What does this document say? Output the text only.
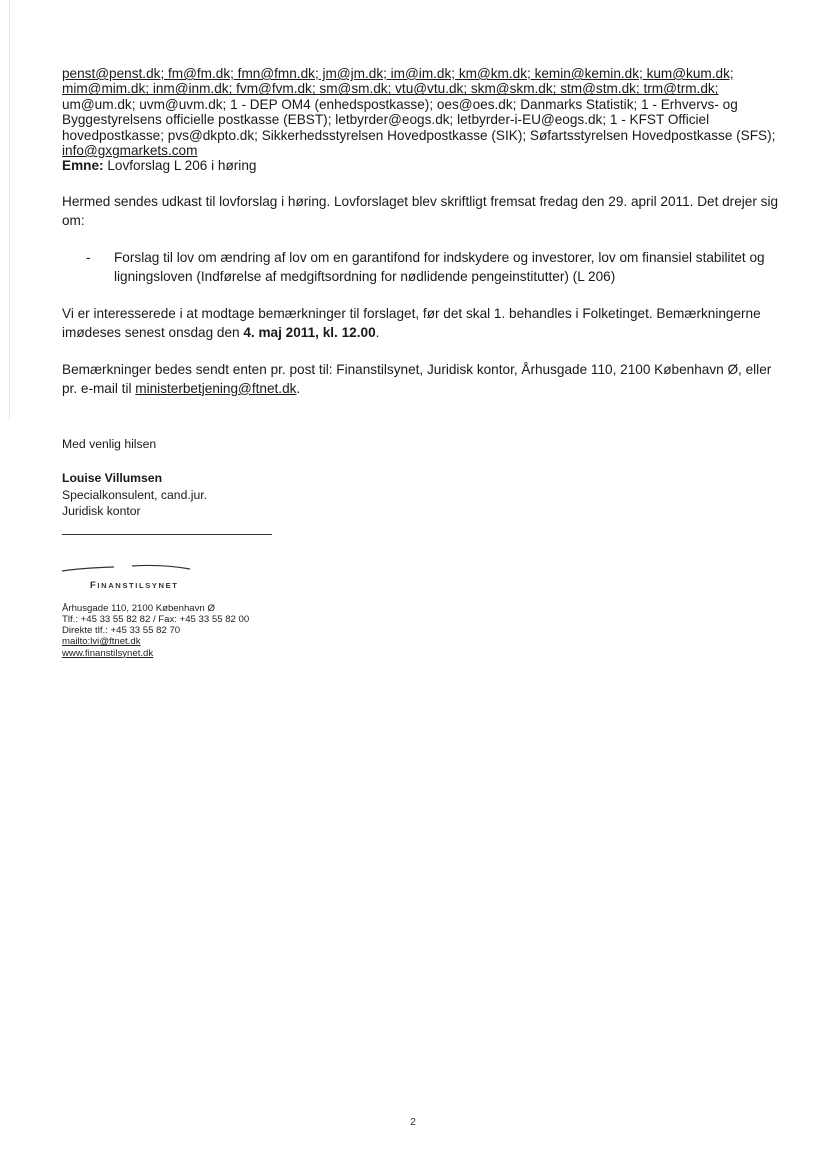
penst@penst.dk; fm@fm.dk; fmn@fmn.dk; jm@jm.dk; im@im.dk; km@km.dk; kemin@kemin.dk; kum@kum.dk;
mim@mim.dk; inm@inm.dk; fvm@fvm.dk; sm@sm.dk; vtu@vtu.dk; skm@skm.dk; stm@stm.dk; trm@trm.dk;
um@um.dk; uvm@uvm.dk; 1 - DEP OM4 (enhedspostkasse); oes@oes.dk; Danmarks Statistik; 1 - Erhvervs- og
Byggestyrelsens officielle postkasse (EBST); letbyrder@eogs.dk; letbyrder-i-EU@eogs.dk; 1 - KFST Officiel
hovedpostkasse; pvs@dkpto.dk; Sikkerhedsstyrelsen Hovedpostkasse (SIK); Søfartsstyrelsen Hovedpostkasse (SFS);
info@gxgmarkets.com
Emne: Lovforslag L 206 i høring
Hermed sendes udkast til lovforslag i høring. Lovforslaget blev skriftligt fremsat fredag den 29. april 2011. Det drejer sig om:
-	Forslag til lov om ændring af lov om en garantifond for indskydere og investorer, lov om finansiel stabilitet og ligningsloven (Indførelse af medgiftsordning for nødlidende pengeinstitutter) (L 206)
Vi er interesserede i at modtage bemærkninger til forslaget, før det skal 1. behandles i Folketinget. Bemærkningerne imødeses senest onsdag den 4. maj 2011, kl. 12.00.
Bemærkninger bedes sendt enten pr. post til: Finanstilsynet, Juridisk kontor, Århusgade 110, 2100 København Ø, eller pr. e-mail til ministerbetjening@ftnet.dk.
Med venlig hilsen
Louise Villumsen
Specialkonsulent, cand.jur.
Juridisk kontor
FINANSTILSYNET
Århusgade 110, 2100 København Ø
Tlf.: +45 33 55 82 82 / Fax: +45 33 55 82 00
Direkte tlf.: +45 33 55 82 70
mailto:lvi@ftnet.dk
www.finanstilsynet.dk
2
